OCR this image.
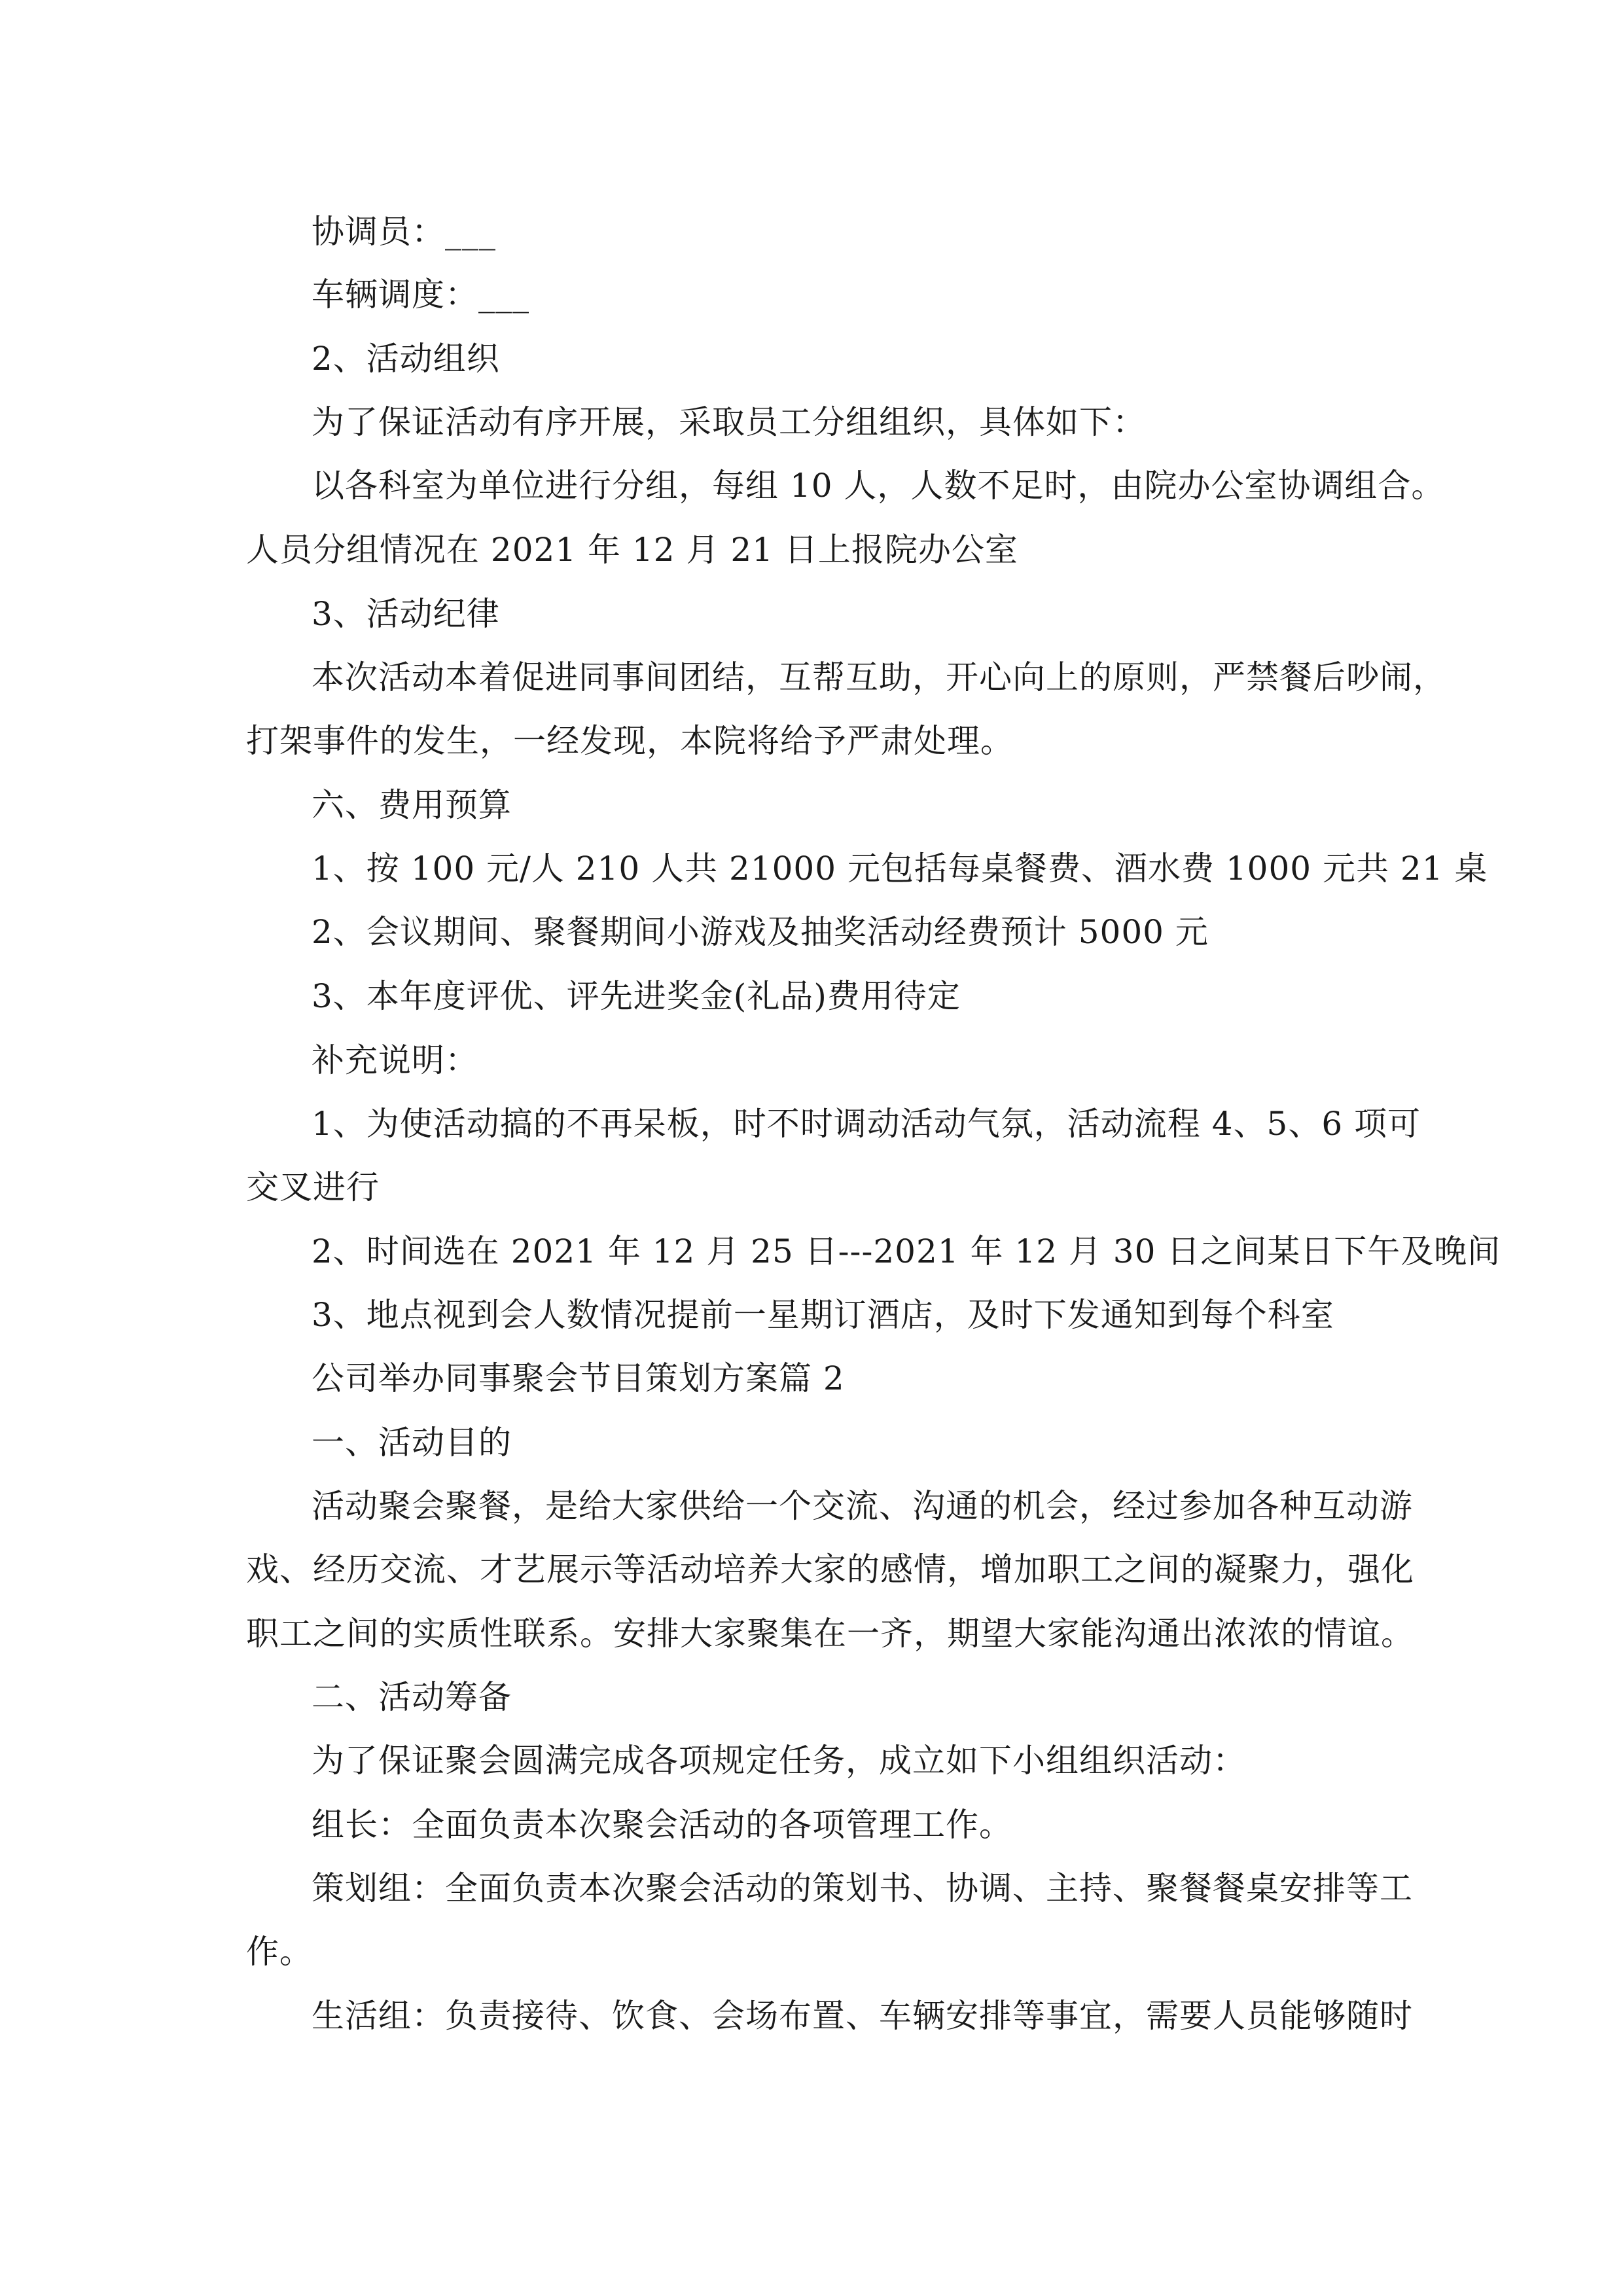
协调员：___

车辆调度：___

2、活动组织

为了保证活动有序开展，采取员工分组组织，具体如下：

以各科室为单位进行分组，每组 10 人，人数不足时，由院办公室协调组合。

人员分组情况在 2021 年 12 月 21 日上报院办公室

3、活动纪律

本次活动本着促进同事间团结，互帮互助，开心向上的原则，严禁餐后吵闹，

打架事件的发生，一经发现，本院将给予严肃处理。

六、费用预算

1、按 100 元/人 210 人共 21000 元包括每桌餐费、酒水费 1000 元共 21 桌

2、会议期间、聚餐期间小游戏及抽奖活动经费预计 5000 元

3、本年度评优、评先进奖金(礼品)费用待定

补充说明：

1、为使活动搞的不再呆板，时不时调动活动气氛，活动流程 4、5、6 项可

交叉进行

2、时间选在 2021 年 12 月 25 日---2021 年 12 月 30 日之间某日下午及晚间

3、地点视到会人数情况提前一星期订酒店，及时下发通知到每个科室

公司举办同事聚会节目策划方案篇 2

一、活动目的

活动聚会聚餐，是给大家供给一个交流、沟通的机会，经过参加各种互动游

戏、经历交流、才艺展示等活动培养大家的感情，增加职工之间的凝聚力，强化

职工之间的实质性联系。安排大家聚集在一齐，期望大家能沟通出浓浓的情谊。

二、活动筹备

为了保证聚会圆满完成各项规定任务，成立如下小组组织活动：

组长：全面负责本次聚会活动的各项管理工作。

策划组：全面负责本次聚会活动的策划书、协调、主持、聚餐餐桌安排等工

作。

生活组：负责接待、饮食、会场布置、车辆安排等事宜，需要人员能够随时
